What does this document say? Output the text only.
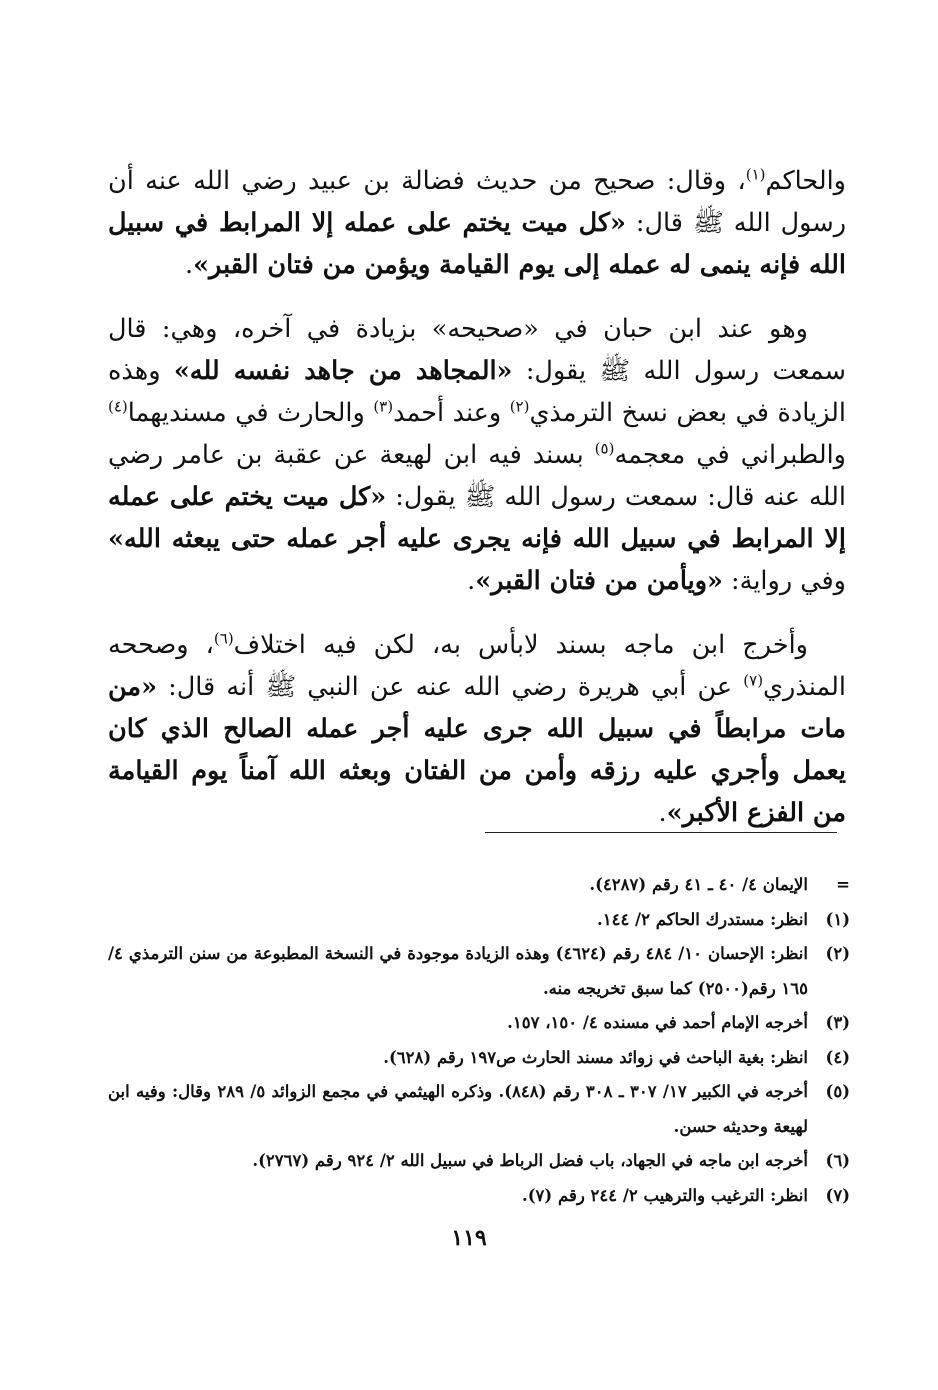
والحاكم$^{(١)}$، وقال: صحيح من حديث فضالة بن عبيد رضي الله عنه أن رسول الله ﷺ قال: «كل ميت يختم على عمله إلا المرابط في سبيل الله فإنه ينمى له عمله إلى يوم القيامة ويؤمن من فتان القبر».

وهو عند ابن حبان في «صحيحه» بزيادة في آخره، وهي: قال سمعت رسول الله ﷺ يقول: «المجاهد من جاهد نفسه لله» وهذه الزيادة في بعض نسخ الترمذي$^{(٢)}$ وعند أحمد$^{(٣)}$ والحارث في مسنديهما$^{(٤)}$ والطبراني في معجمه$^{(٥)}$ بسند فيه ابن لهيعة عن عقبة بن عامر رضي الله عنه قال: سمعت رسول الله ﷺ يقول: «كل ميت يختم على عمله إلا المرابط في سبيل الله فإنه يجرى عليه أجر عمله حتى يبعثه الله» وفي رواية: «ويأمن من فتان القبر».

وأخرج ابن ماجه بسند لابأس به، لكن فيه اختلاف$^{(٦)}$، وصححه المنذري$^{(٧)}$ عن أبي هريرة رضي الله عنه عن النبي ﷺ أنه قال: «من مات مرابطاً في سبيل الله جرى عليه أجر عمله الصالح الذي كان يعمل وأجري عليه رزقه وأمن من الفتان وبعثه الله آمناً يوم القيامة من الفزع الأكبر».

=
الإيمان ٤/ ٤٠ ـ ٤١ رقم (٤٢٨٧).
(١)
انظر: مستدرك الحاكم ٢/ ١٤٤.
(٢)
انظر: الإحسان ١٠/ ٤٨٤ رقم (٤٦٢٤) وهذه الزيادة موجودة في النسخة المطبوعة من سنن الترمذي ٤/ ١٦٥ رقم(٢٥٠٠) كما سبق تخريجه منه.
(٣)
أخرجه الإمام أحمد في مسنده ٤/ ١٥٠، ١٥٧.
(٤)
انظر: بغية الباحث في زوائد مسند الحارث ص١٩٧ رقم (٦٢٨).
(٥)
أخرجه في الكبير ١٧/ ٣٠٧ ـ ٣٠٨ رقم (٨٤٨). وذكره الهيثمي في مجمع الزوائد ٥/ ٢٨٩ وقال: وفيه ابن لهيعة وحديثه حسن.
(٦)
أخرجه ابن ماجه في الجهاد، باب فضل الرباط في سبيل الله ٢/ ٩٢٤ رقم (٢٧٦٧).
(٧)
انظر: الترغيب والترهيب ٢/ ٢٤٤ رقم (٧).
١١٩
